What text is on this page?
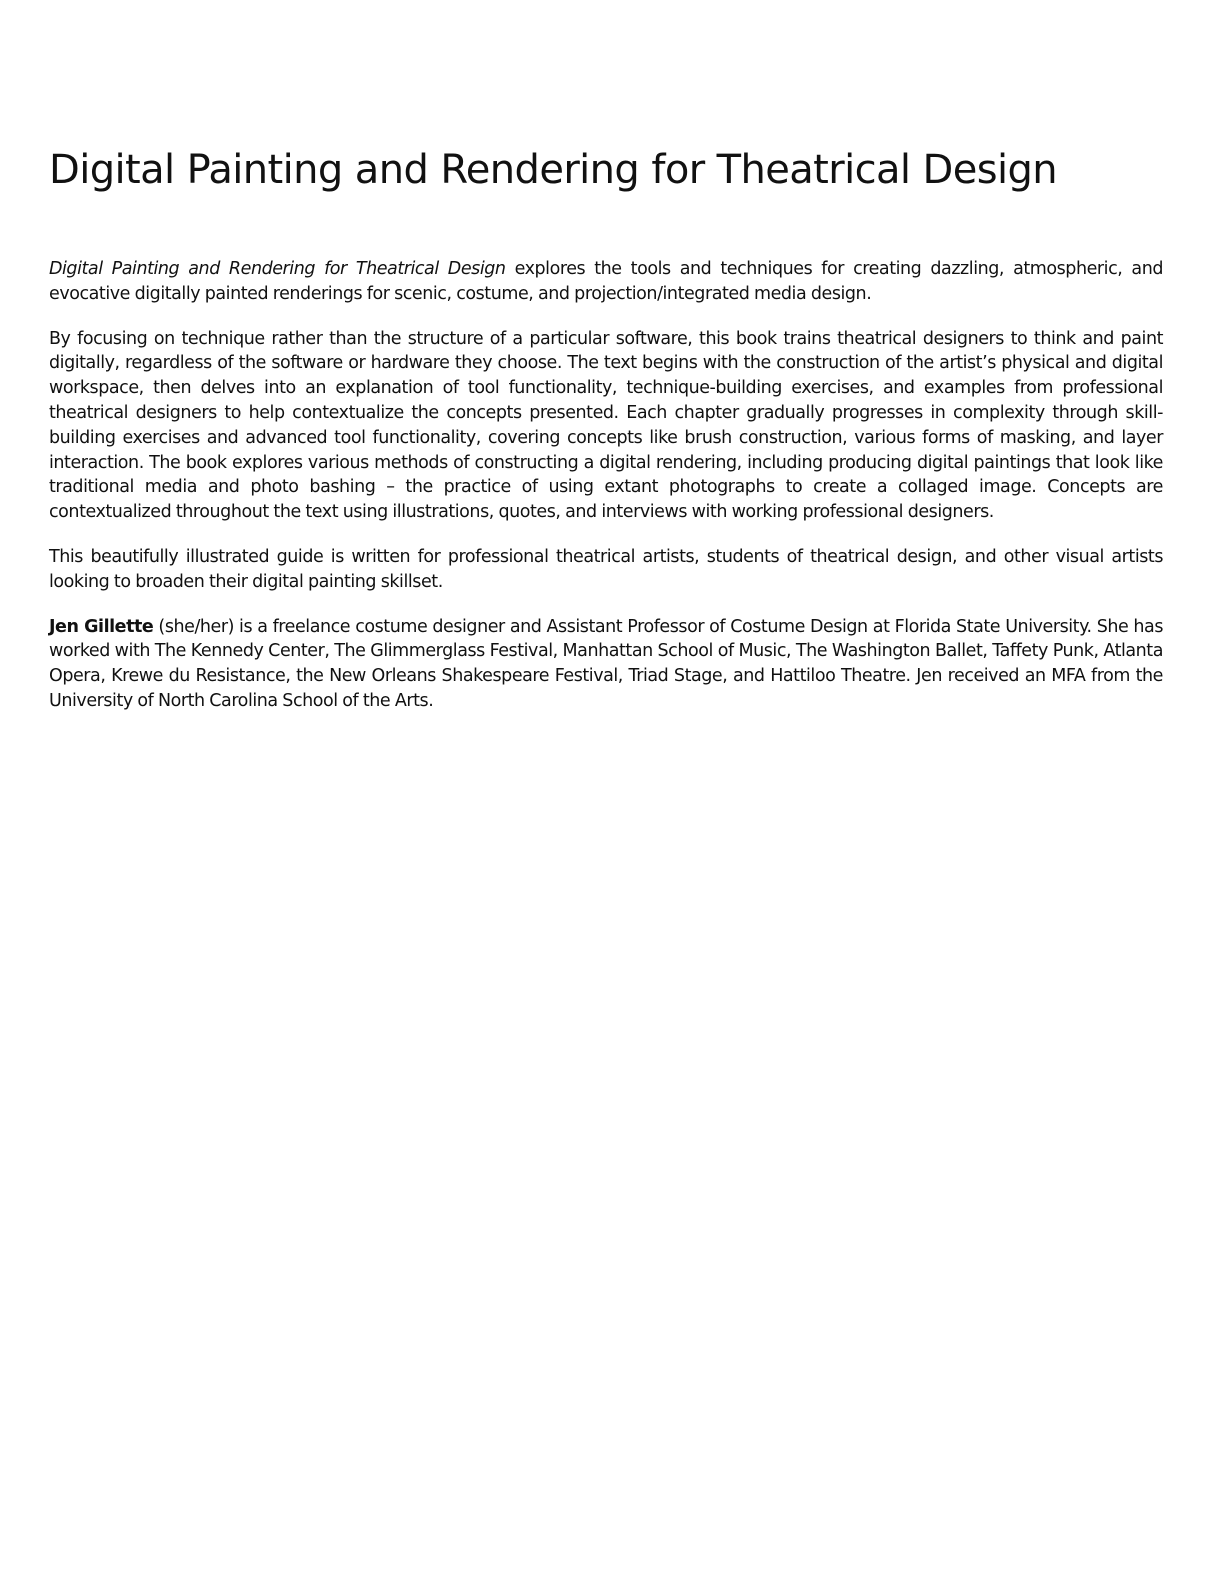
Digital Painting and Rendering for Theatrical Design

Digital Painting and Rendering for Theatrical Design explores the tools and techniques for creating dazzling, atmospheric, and evocative digitally painted renderings for scenic, costume, and projection/integrated media design.

By focusing on technique rather than the structure of a particular software, this book trains theatrical designers to think and paint digitally, regardless of the software or hardware they choose. The text begins with the construction of the artist’s physical and digital workspace, then delves into an explanation of tool functionality, technique-building exercises, and examples from professional theatrical designers to help contextualize the concepts presented. Each chapter gradually progresses in complexity through skill-building exercises and advanced tool functionality, covering concepts like brush construction, various forms of masking, and layer interaction. The book explores various methods of constructing a digital rendering, including producing digital paintings that look like traditional media and photo bashing – the practice of using extant photographs to create a collaged image. Concepts are contextualized throughout the text using illustrations, quotes, and interviews with working professional designers.

This beautifully illustrated guide is written for professional theatrical artists, students of theatrical design, and other visual artists looking to broaden their digital painting skillset.

Jen Gillette (she/her) is a freelance costume designer and Assistant Professor of Costume Design at Florida State University. She has worked with The Kennedy Center, The Glimmerglass Festival, Manhattan School of Music, The Washington Ballet, Taffety Punk, Atlanta Opera, Krewe du Resistance, the New Orleans Shakespeare Festival, Triad Stage, and Hattiloo Theatre. Jen received an MFA from the University of North Carolina School of the Arts.
